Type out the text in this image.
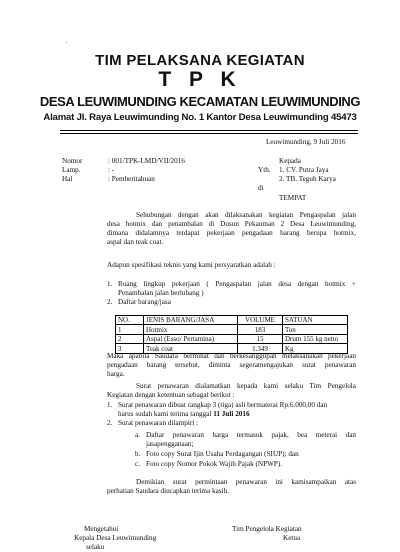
TIM PELAKSANA KEGIATAN
T P K
DESA LEUWIMUNDING KECAMATAN LEUWIMUNDING
Alamat Jl. Raya Leuwimunding No. 1 Kantor Desa Leuwimunding 45473
Leuwimunding, 9 Juli 2016
Nomor	: 001/TPK-LMD/VII/2016
Lamp.	: -
Hal	: Pemberitahuan
Kepada
Yth. 1. CV. Putra Jaya
2. TB. Teguh Karya
di
TEMPAT
Sehubungan dengan akan dilaksanakan kegiatan Pengaspalan jalan
desa hotmix dan penambalan di Dusun Pekauman 2 Desa Leuwimunding,
dimana didalamnya terdapat pekerjaan pengadaan barang berupa hotmix,
aspal dan teak coat.
Adapun spesifikasi teknis yang kami persyaratkan adalah :
1. Ruang lingkup pekerjaan ( Pengaspalan jalan desa dengan hotmix +
Penambalan jalan berlubang )
2. Daftar barang/jasa
NO.	JENIS BARANG/JASA	VOLUME	SATUAN
1	Hotmix	183	Ton
2	Aspal (Esso/ Pertamina)	15	Drum 155 kg netto
3	Teak coat	1.349	Kg
Maka apabila Saudara berminat dan berkesanggupan melaksanakan pekerjaan
pengadaan barang tersebut, diminta segeramengajukan surat penawaran
harga.
Surat penawaran dialamatkan kepada kami selaku Tim Pengelola
Kegiatan dengan ketentuan sebagai berikut :
1. Surat penawaran dibuat rangkap 3 (tiga) asli bermaterai Rp.6.000,00 dan
harus sudah kami terima tanggal 11 Juli 2016
2. Surat penawaran dilampiri :
a. Daftar penawaran harga termasuk pajak, bea meterai dan
jasapengganaan;
b. Foto copy Surat Ijin Usaha Perdagangan (SIUP); dan
c. Foto copy Nomor Pokok Wajib Pajak (NPWP).
Demikian surat permintaan penawaran ini kamisampaikan atas
perhatian Saudara diucapkan terima kasih.
Mengetahui
Kepala Desa Leuwimunding
selaku
Tim Pengelola Kegiatan
Ketua
